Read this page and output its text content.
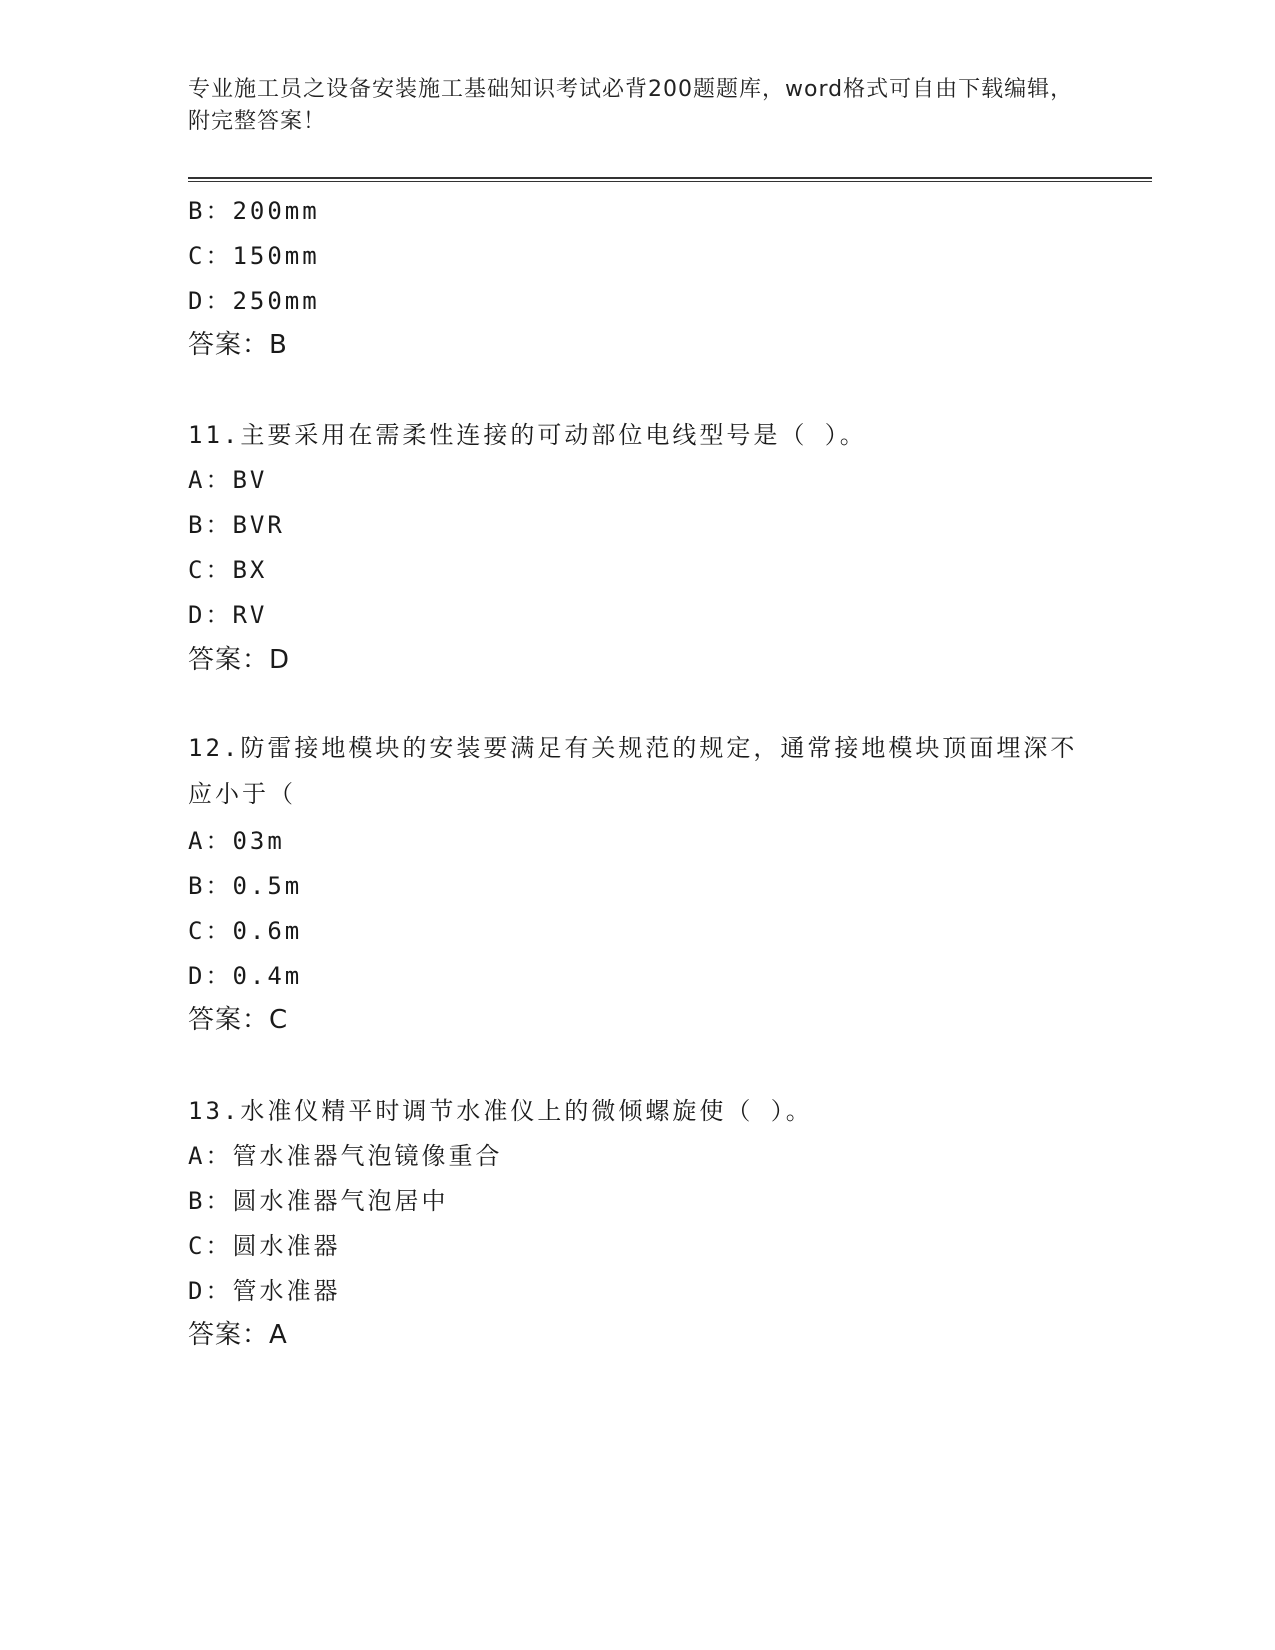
专业施工员之设备安装施工基础知识考试必背200题题库，word格式可自由下载编辑，附完整答案！
B：200mm
C：150mm
D：250mm
答案：B
11.主要采用在需柔性连接的可动部位电线型号是（ ）。
A：BV
B：BVR
C：BX
D：RV
答案：D
12.防雷接地模块的安装要满足有关规范的规定，通常接地模块顶面埋深不应小于（
A：03m
B：0.5m
C：0.6m
D：0.4m
答案：C
13.水准仪精平时调节水准仪上的微倾螺旋使（ ）。
A：管水准器气泡镜像重合
B：圆水准器气泡居中
C：圆水准器
D：管水准器
答案：A
